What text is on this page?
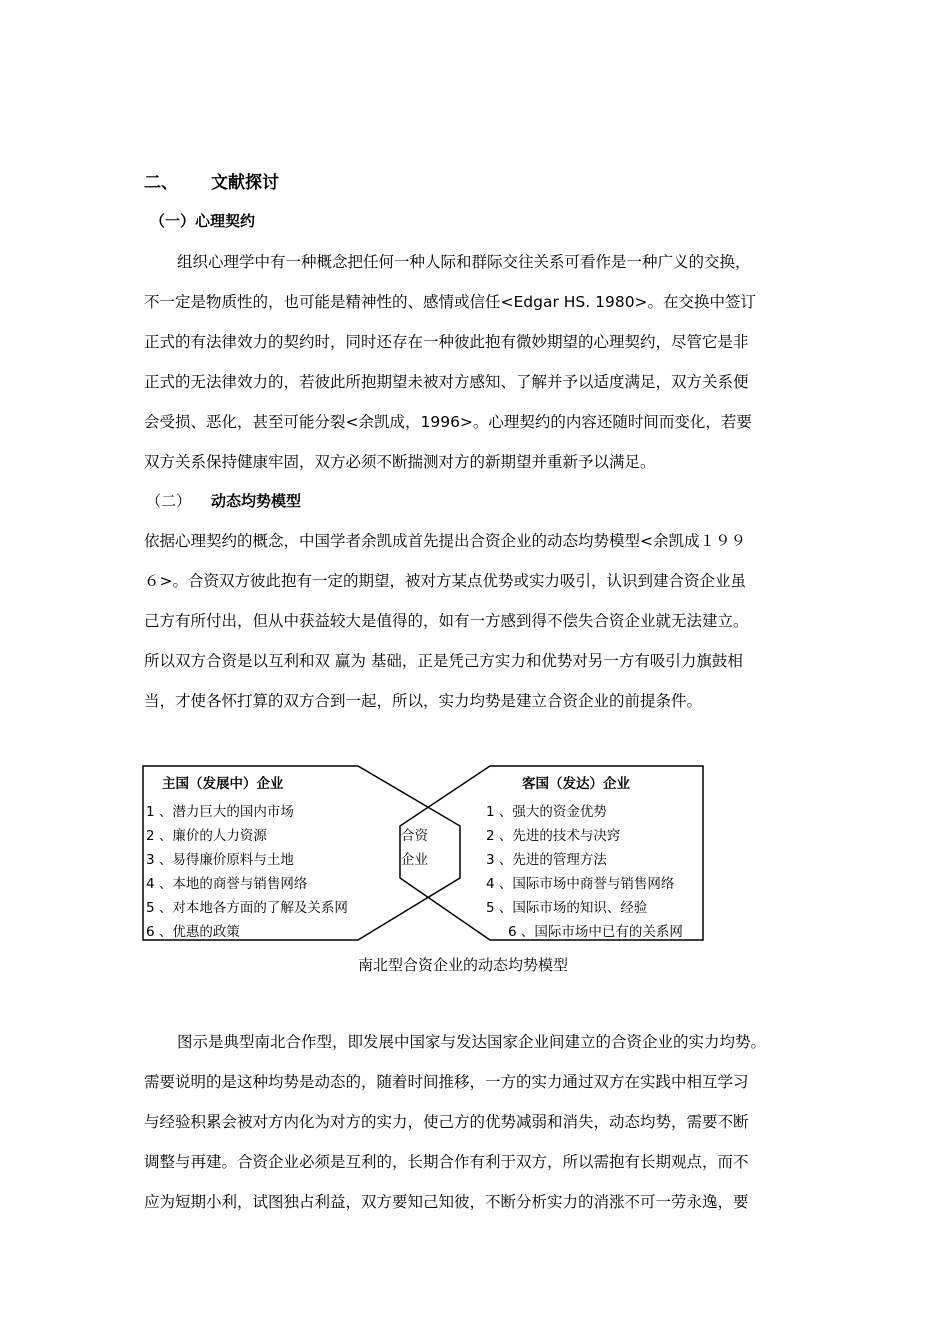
二、 文献探讨
（一）心理契约
组织心理学中有一种概念把任何一种人际和群际交往关系可看作是一种广义的交换，
不一定是物质性的，也可能是精神性的、感情或信任<Edgar HS. 1980>。在交换中签订
正式的有法律效力的契约时，同时还存在一种彼此抱有微妙期望的心理契约，尽管它是非
正式的无法律效力的，若彼此所抱期望未被对方感知、了解并予以适度满足，双方关系便
会受损、恶化，甚至可能分裂<余凯成，1996>。心理契约的内容还随时间而变化，若要
双方关系保持健康牢固，双方必须不断揣测对方的新期望并重新予以满足。
（二） 动态均势模型
依据心理契约的概念，中国学者余凯成首先提出合资企业的动态均势模型<余凯成１９９
６>。合资双方彼此抱有一定的期望，被对方某点优势或实力吸引，认识到建合资企业虽
己方有所付出，但从中获益较大是值得的，如有一方感到得不偿失合资企业就无法建立。
所以双方合资是以互利和双 赢为 基础，正是凭己方实力和优势对另一方有吸引力旗鼓相
当，才使各怀打算的双方合到一起，所以，实力均势是建立合资企业的前提条件。
主国（发展中）企业
1 、潜力巨大的国内市场
2 、廉价的人力资源
3 、易得廉价原料与土地
4 、本地的商誉与销售网络
5 、对本地各方面的了解及关系网
6 、优惠的政策
合资
企业
客国（发达）企业
1 、强大的资金优势
2 、先进的技术与决窍
3 、先进的管理方法
4 、国际市场中商誉与销售网络
5 、国际市场的知识、经验
6 、国际市场中已有的关系网
南北型合资企业的动态均势模型
图示是典型南北合作型，即发展中国家与发达国家企业间建立的合资企业的实力均势。
需要说明的是这种均势是动态的，随着时间推移，一方的实力通过双方在实践中相互学习
与经验积累会被对方内化为对方的实力，使己方的优势减弱和消失，动态均势，需要不断
调整与再建。合资企业必须是互利的，长期合作有利于双方，所以需抱有长期观点，而不
应为短期小利，试图独占利益，双方要知己知彼，不断分析实力的消涨不可一劳永逸，要
